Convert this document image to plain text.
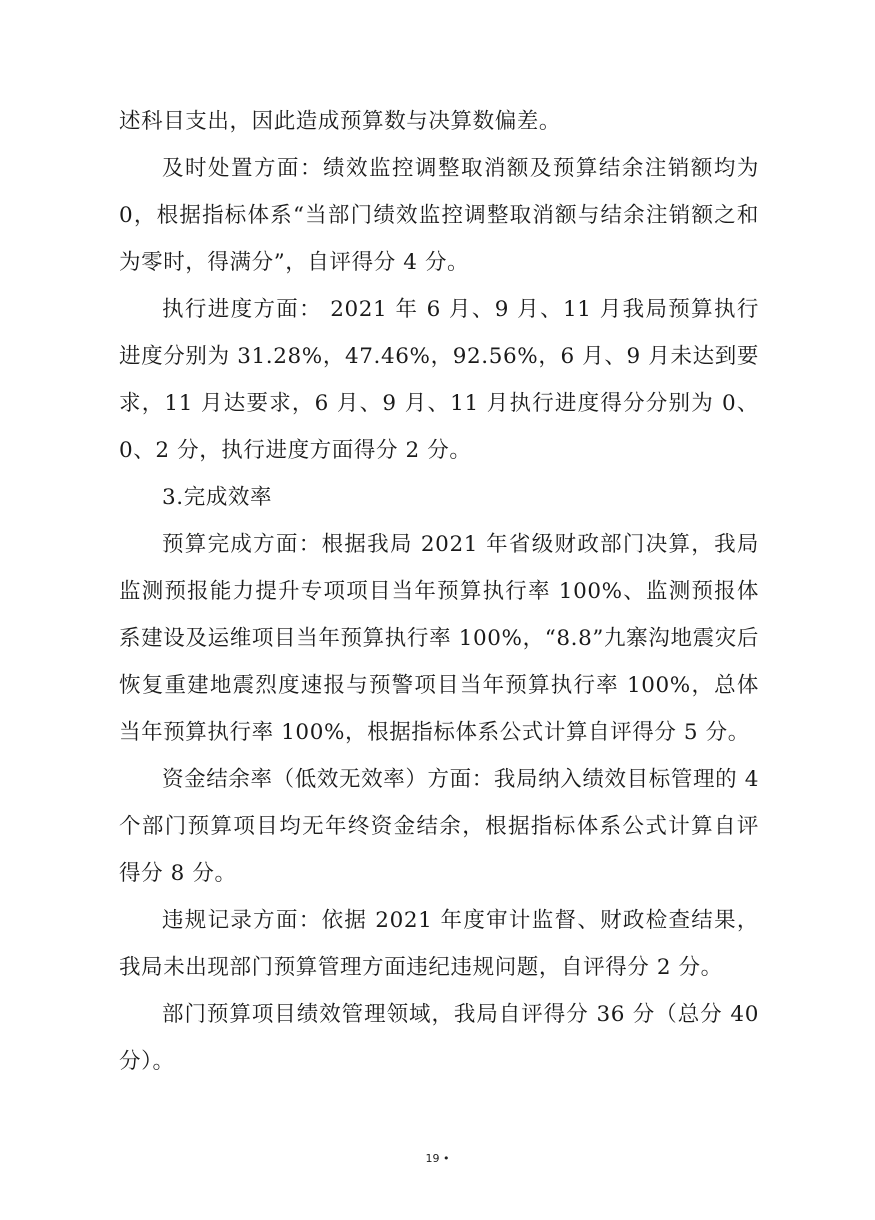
述科目支出，因此造成预算数与决算数偏差。

及时处置方面：绩效监控调整取消额及预算结余注销额均为 0，根据指标体系“当部门绩效监控调整取消额与结余注销额之和为零时，得满分”，自评得分 4 分。

执行进度方面： 2021 年 6 月、9 月、11 月我局预算执行进度分别为 31.28%，47.46%，92.56%，6 月、9 月未达到要求，11 月达要求，6 月、9 月、11 月执行进度得分分别为 0、0、2 分，执行进度方面得分 2 分。

3.完成效率

预算完成方面：根据我局 2021 年省级财政部门决算，我局监测预报能力提升专项项目当年预算执行率 100%、监测预报体系建设及运维项目当年预算执行率 100%，“8.8”九寨沟地震灾后恢复重建地震烈度速报与预警项目当年预算执行率 100%，总体当年预算执行率 100%，根据指标体系公式计算自评得分 5 分。

资金结余率（低效无效率）方面：我局纳入绩效目标管理的 4 个部门预算项目均无年终资金结余，根据指标体系公式计算自评得分 8 分。

违规记录方面：依据 2021 年度审计监督、财政检查结果，我局未出现部门预算管理方面违纪违规问题，自评得分 2 分。

部门预算项目绩效管理领域，我局自评得分 36 分（总分 40 分）。

19 •
